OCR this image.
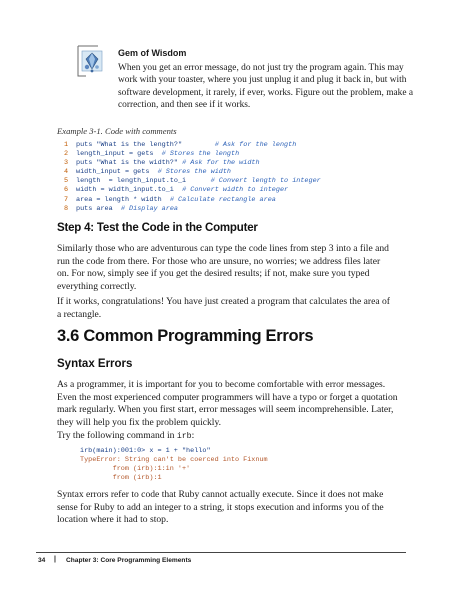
Gem of Wisdom
When you get an error message, do not just try the program again. This may
work with your toaster, where you just unplug it and plug it back in, but with
software development, it rarely, if ever, works. Figure out the problem, make a
correction, and then see if it works.
Example 3-1. Code with comments
1 puts "What is the length?"	# Ask for the length
2 length_input = gets # Stores the length
3 puts "What is the width?" # Ask for the width
4 width_input = gets # Stores the width
5 length  = length_input.to_i	# Convert length to integer
6 width = width_input.to_i # Convert width to integer
7 area = length * width # Calculate rectangle area
8 puts area # Display area
Step 4: Test the Code in the Computer
Similarly those who are adventurous can type the code lines from step 3 into a file and
run the code from there. For those who are unsure, no worries; we address files later
on. For now, simply see if you get the desired results; if not, make sure you typed
everything correctly.
If it works, congratulations! You have just created a program that calculates the area of
a rectangle.
3.6 Common Programming Errors
Syntax Errors
As a programmer, it is important for you to become comfortable with error messages.
Even the most experienced computer programmers will have a typo or forget a quotation
mark regularly. When you first start, error messages will seem incomprehensible. Later,
they will help you fix the problem quickly.
Try the following command in irb:
irb(main):001:0> x = 1 + "hello"
TypeError: String can't be coerced into Fixnum
from (irb):1:in '+'
from (irb):1
Syntax errors refer to code that Ruby cannot actually execute. Since it does not make
sense for Ruby to add an integer to a string, it stops execution and informs you of the
location where it had to stop.
34 | Chapter 3: Core Programming Elements
